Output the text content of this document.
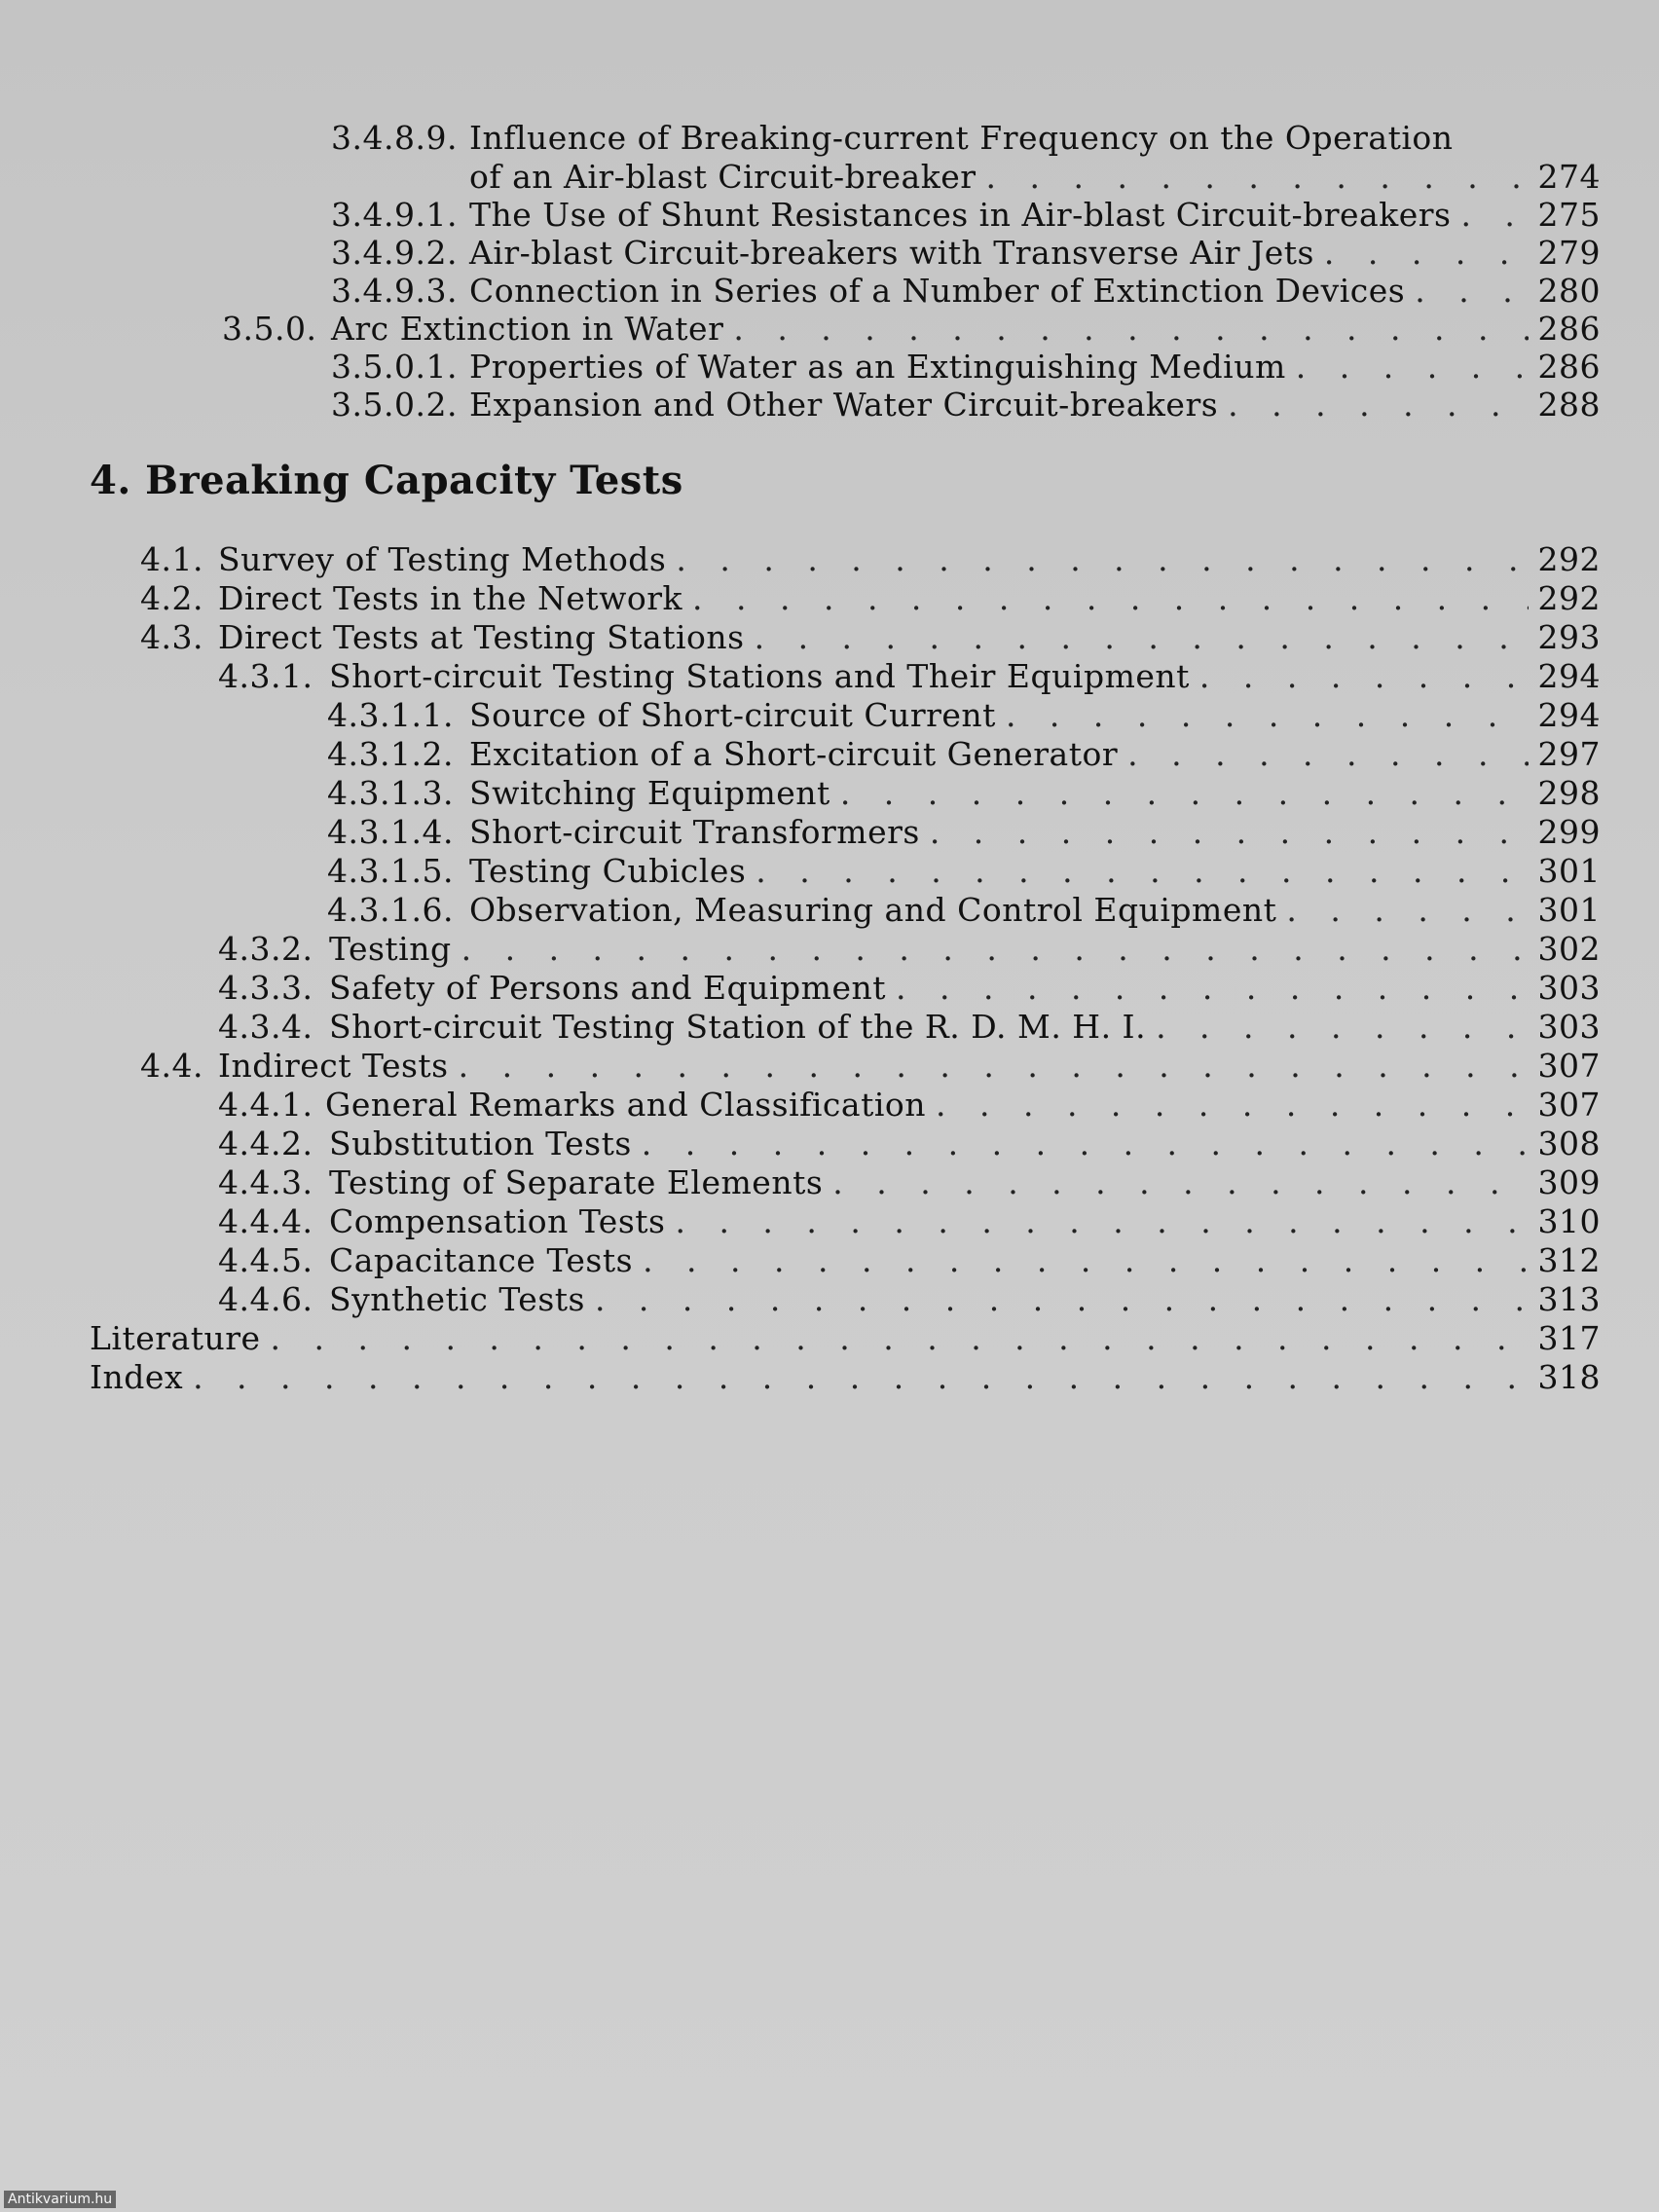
3.4.8.9. Influence of Breaking-current Frequency on the Operation
of an Air-blast Circuit-breaker . . .	274
3.4.9.1. The Use of Shunt Resistances in Air-blast Circuit-breakers . . .	275
3.4.9.2. Air-blast Circuit-breakers with Transverse Air Jets . . .	279
3.4.9.3. Connection in Series of a Number of Extinction Devices . . .	280
3.5.0. Arc Extinction in Water . . .	286
3.5.0.1. Properties of Water as an Extinguishing Medium . . .	286
3.5.0.2. Expansion and Other Water Circuit-breakers . . .	288
4. Breaking Capacity Tests
4.1. Survey of Testing Methods . . .	292
4.2. Direct Tests in the Network . . .	292
4.3. Direct Tests at Testing Stations . . .	293
4.3.1. Short-circuit Testing Stations and Their Equipment . . .	294
4.3.1.1. Source of Short-circuit Current . . .	294
4.3.1.2. Excitation of a Short-circuit Generator . . .	297
4.3.1.3. Switching Equipment . . .	298
4.3.1.4. Short-circuit Transformers . . .	299
4.3.1.5. Testing Cubicles . . .	301
4.3.1.6. Observation, Measuring and Control Equipment . . .	301
4.3.2. Testing . . .	302
4.3.3. Safety of Persons and Equipment . . .	303
4.3.4. Short-circuit Testing Station of the R. D. M. H. I. . . .	303
4.4. Indirect Tests . . .	307
4.4.1. General Remarks and Classification . . .	307
4.4.2. Substitution Tests . . .	308
4.4.3. Testing of Separate Elements . . .	309
4.4.4. Compensation Tests . . .	310
4.4.5. Capacitance Tests . . .	312
4.4.6. Synthetic Tests . . .	313
Literature . . .	317
Index . . .	318
Antikvarium.hu
